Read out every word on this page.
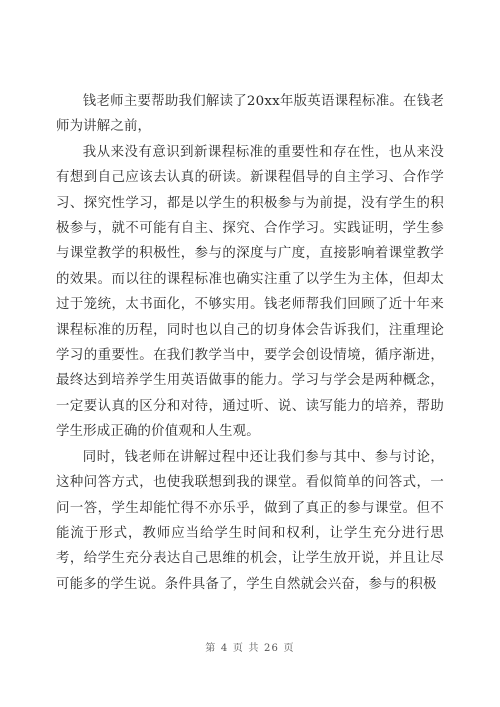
钱老师主要帮助我们解读了20xx年版英语课程标准。在钱老师为讲解之前，

我从来没有意识到新课程标准的重要性和存在性，也从来没有想到自己应该去认真的研读。新课程倡导的自主学习、合作学习、探究性学习，都是以学生的积极参与为前提，没有学生的积极参与，就不可能有自主、探究、合作学习。实践证明，学生参与课堂教学的积极性，参与的深度与广度，直接影响着课堂教学的效果。而以往的课程标准也确实注重了以学生为主体，但却太过于笼统，太书面化，不够实用。钱老师帮我们回顾了近十年来课程标准的历程，同时也以自己的切身体会告诉我们，注重理论学习的重要性。在我们教学当中，要学会创设情境，循序渐进，最终达到培养学生用英语做事的能力。学习与学会是两种概念，一定要认真的区分和对待，通过听、说、读写能力的培养，帮助学生形成正确的价值观和人生观。

同时，钱老师在讲解过程中还让我们参与其中、参与讨论，这种问答方式，也使我联想到我的课堂。看似简单的问答式，一问一答，学生却能忙得不亦乐乎，做到了真正的参与课堂。但不能流于形式，教师应当给学生时间和权利，让学生充分进行思考，给学生充分表达自己思维的机会，让学生放开说，并且让尽可能多的学生说。条件具备了，学生自然就会兴奋，参与的积极

第 4 页 共 26 页
